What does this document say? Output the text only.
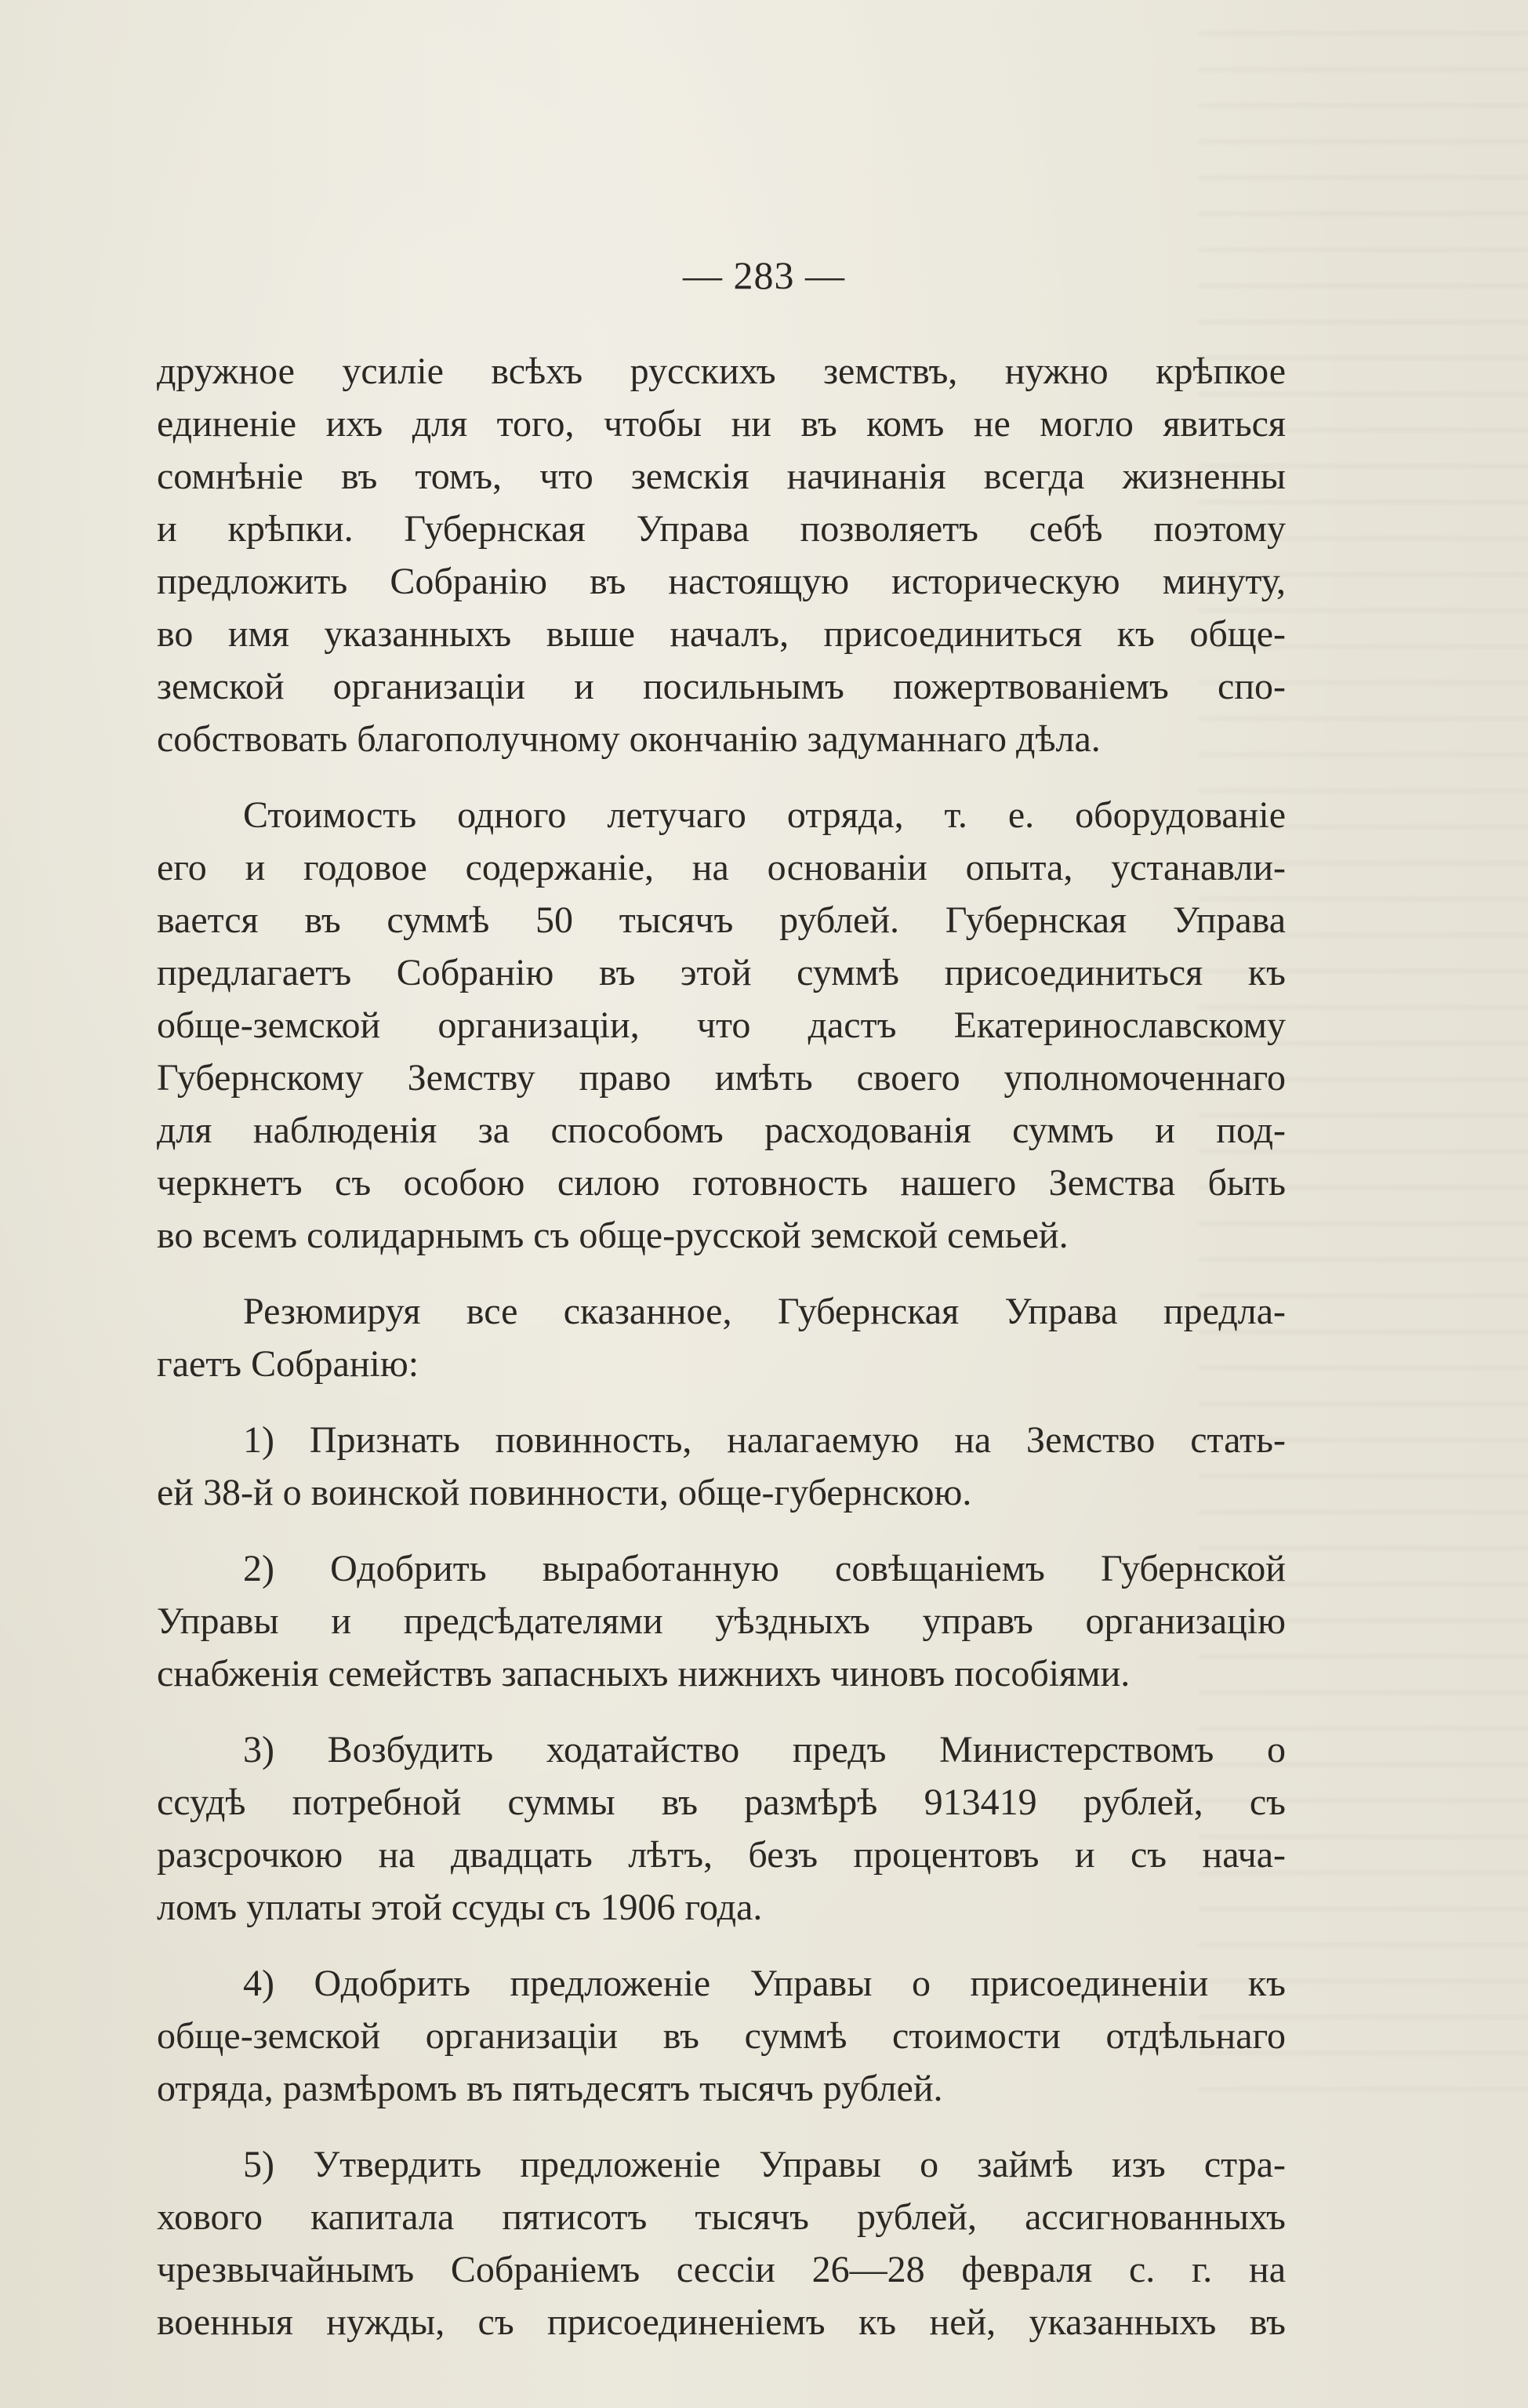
— 283 —
дружное усиліе всѣхъ русскихъ земствъ, нужно крѣпкое
единеніе ихъ для того, чтобы ни въ комъ не могло явиться
сомнѣніе въ томъ, что земскія начинанія всегда жизненны
и крѣпки. Губернская Управа позволяетъ себѣ поэтому
предложить Собранію въ настоящую историческую минуту,
во имя указанныхъ выше началъ, присоединиться къ обще-
земской организаціи и посильнымъ пожертвованіемъ спо-
собствовать благополучному окончанію задуманнаго дѣла.
Стоимость одного летучаго отряда, т. е. оборудованіе
его и годовое содержаніе, на основаніи опыта, устанавли-
вается въ суммѣ 50 тысячъ рублей. Губернская Управа
предлагаетъ Собранію въ этой суммѣ присоединиться къ
обще-земской организаціи, что дастъ Екатеринославскому
Губернскому Земству право имѣть своего уполномоченнаго
для наблюденія за способомъ расходованія суммъ и под-
черкнетъ съ особою силою готовность нашего Земства быть
во всемъ солидарнымъ съ обще-русской земской семьей.
Резюмируя все сказанное, Губернская Управа предла-
гаетъ Собранію:
1) Признать повинность, налагаемую на Земство стать-
ей 38-й о воинской повинности, обще-губернскою.
2) Одобрить выработанную совѣщаніемъ Губернской
Управы и предсѣдателями уѣздныхъ управъ организацію
снабженія семействъ запасныхъ нижнихъ чиновъ пособіями.
3) Возбудить ходатайство предъ Министерствомъ о
ссудѣ потребной суммы въ размѣрѣ 913419 рублей, съ
разсрочкою на двадцать лѣтъ, безъ процентовъ и съ нача-
ломъ уплаты этой ссуды съ 1906 года.
4) Одобрить предложеніе Управы о присоединеніи къ
обще-земской организаціи въ суммѣ стоимости отдѣльнаго
отряда, размѣромъ въ пятьдесятъ тысячъ рублей.
5) Утвердить предложеніе Управы о займѣ изъ стра-
хового капитала пятисотъ тысячъ рублей, ассигнованныхъ
чрезвычайнымъ Собраніемъ сессіи 26—28 февраля с. г. на
военныя нужды, съ присоединеніемъ къ ней, указанныхъ въ
